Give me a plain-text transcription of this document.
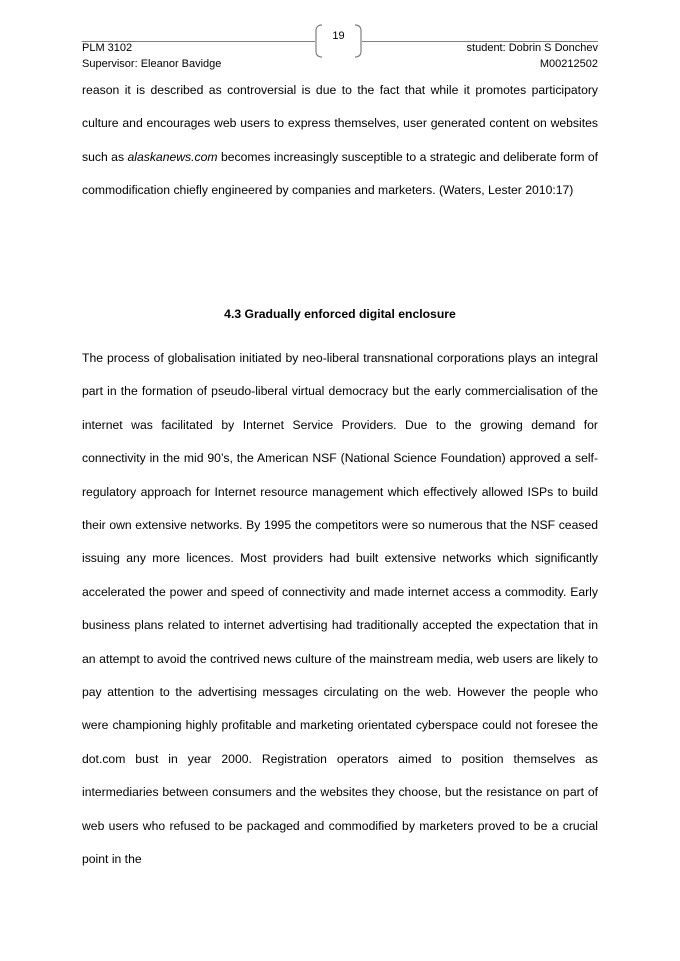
19
PLM 3102
Supervisor: Eleanor Bavidge
student: Dobrin S Donchev
M00212502
reason it is described as controversial is due to the fact that while it promotes participatory culture and encourages web users to express themselves, user generated content on websites such as alaskanews.com becomes increasingly susceptible to a strategic and deliberate form of commodification chiefly engineered by companies and marketers. (Waters, Lester 2010:17)
4.3 Gradually enforced digital enclosure
The process of globalisation initiated by neo-liberal transnational corporations plays an integral part in the formation of pseudo-liberal virtual democracy but the early commercialisation of the internet was facilitated by Internet Service Providers. Due to the growing demand for connectivity in the mid 90’s, the American NSF (National Science Foundation) approved a self-regulatory approach for Internet resource management which effectively allowed ISPs to build their own extensive networks. By 1995 the competitors were so numerous that the NSF ceased issuing any more licences. Most providers had built extensive networks which significantly accelerated the power and speed of connectivity and made internet access a commodity. Early business plans related to internet advertising had traditionally accepted the expectation that in an attempt to avoid the contrived news culture of the mainstream media, web users are likely to pay attention to the advertising messages circulating on the web. However the people who were championing highly profitable and marketing orientated cyberspace could not foresee the dot.com bust in year 2000. Registration operators aimed to position themselves as intermediaries between consumers and the websites they choose, but the resistance on part of web users who refused to be packaged and commodified by marketers proved to be a crucial point in the
